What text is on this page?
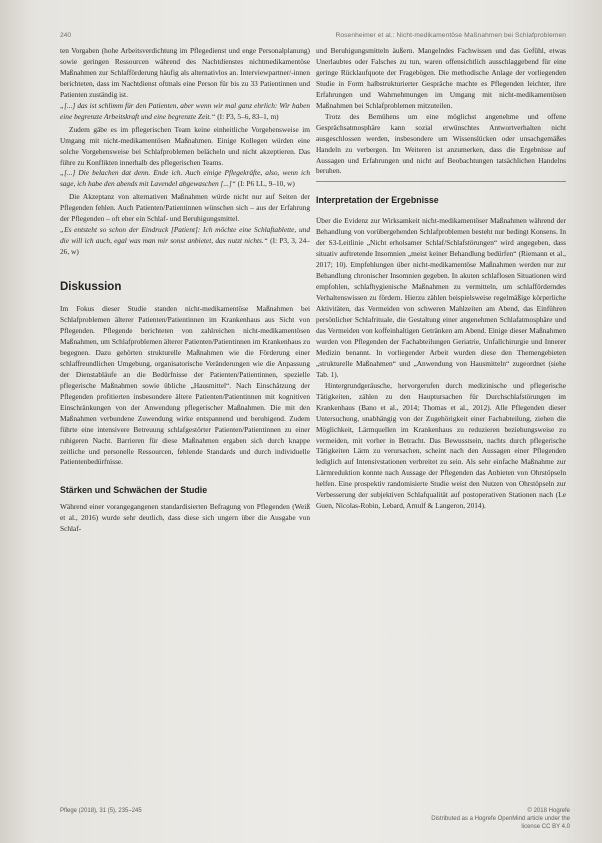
240	Rosenheimer et al.: Nicht-medikamentöse Maßnahmen bei Schlafproblemen

ten Vorgaben (hohe Arbeitsverdichtung im Pflegedienst und enge Personalplanung) sowie geringen Ressourcen während des Nachtdienstes nichtmedikamentöse Maßnahmen zur Schlafförderung häufig als alternativlos an. Interviewpartner/-innen berichteten, dass im Nachtdienst oftmals eine Person für bis zu 33 Patientinnen und Patienten zuständig ist.

„[...] das ist schlimm für den Patienten, aber wenn wir mal ganz ehrlich: Wir haben eine begrenzte Arbeitskraft und eine begrenzte Zeit.“ (I: P3, 5–6, 83–1, m)

Zudem gäbe es im pflegerischen Team keine einheitliche Vorgehensweise im Umgang mit nicht-medikamentösen Maßnahmen. Einige Kollegen würden eine solche Vorgehensweise bei Schlafproblemen belächeln und nicht akzeptieren. Das führe zu Konflikten innerhalb des pflegerischen Teams.

„[...] Die belachen dat denn. Ende ich. Auch einige Pflegekräfte, also, wenn ich sage, ich habe den abends mit Lavendel abgewaschen [...]“ (I: P6 LL, 9–10, w)

Die Akzeptanz von alternativen Maßnahmen würde nicht nur auf Seiten der Pflegenden fehlen. Auch Patienten/Patientinnen wünschen sich – aus der Erfahrung der Pflegenden – oft eher ein Schlaf- und Beruhigungsmittel.

„Es entsteht so schon der Eindruck [Patient]: Ich möchte eine Schlaftablette, und die will ich auch, egal was man mir sonst anbietet, das nutzt nichts.“ (I: P3, 3, 24–26, w)

Diskussion

Im Fokus dieser Studie standen nicht-medikamentöse Maßnahmen bei Schlafproblemen älterer Patienten/Patientinnen im Krankenhaus aus Sicht von Pflegenden. Pflegende berichteten von zahlreichen nicht-medikamentösen Maßnahmen, um Schlafproblemen älterer Patienten/Patientinnen im Krankenhaus zu begegnen. Dazu gehörten strukturelle Maßnahmen wie die Förderung einer schlaffreundlichen Umgebung, organisatorische Veränderungen wie die Anpassung der Dienstabläufe an die Bedürfnisse der Patienten/Patientinnen, spezielle pflegerische Maßnahmen sowie übliche „Hausmittel“. Nach Einschätzung der Pflegenden profitierten insbesondere ältere Patienten/Patientinnen mit kognitiven Einschränkungen von der Anwendung pflegerischer Maßnahmen. Die mit den Maßnahmen verbundene Zuwendung wirke entspannend und beruhigend. Zudem führte eine intensivere Betreuung schlafgestörter Patienten/Patientinnen zu einer ruhigeren Nacht. Barrieren für diese Maßnahmen ergaben sich durch knappe zeitliche und personelle Ressourcen, fehlende Standards und durch individuelle Patientenbedürfnisse.

Stärken und Schwächen der Studie

Während einer vorangegangenen standardisierten Befragung von Pflegenden (Weiß et al., 2016) wurde sehr deutlich, dass diese sich ungern über die Ausgabe von Schlaf-

und Beruhigungsmitteln äußern. Mangelndes Fachwissen und das Gefühl, etwas Unerlaubtes oder Falsches zu tun, waren offensichtlich ausschlaggebend für eine geringe Rücklaufquote der Fragebögen. Die methodische Anlage der vorliegenden Studie in Form halbstrukturierter Gespräche machte es Pflegenden leichter, ihre Erfahrungen und Wahrnehmungen im Umgang mit nicht-medikamentösen Maßnahmen bei Schlafproblemen mitzuteilen.

Trotz des Bemühens um eine möglichst angenehme und offene Gesprächsatmosphäre kann sozial erwünschtes Antwortverhalten nicht ausgeschlossen werden, insbesondere um Wissenslücken oder unsachgemäßes Handeln zu verbergen. Im Weiteren ist anzumerken, dass die Ergebnisse auf Aussagen und Erfahrungen und nicht auf Beobachtungen tatsächlichen Handelns beruhen.

Interpretation der Ergebnisse

Über die Evidenz zur Wirksamkeit nicht-medikamentöser Maßnahmen während der Behandlung von vorübergehenden Schlafproblemen besteht nur bedingt Konsens. In der S3-Leitlinie „Nicht erholsamer Schlaf/Schlafstörungen“ wird angegeben, dass situativ auftretende Insomnien „meist keiner Behandlung bedürfen“ (Riemann et al., 2017; 10). Empfehlungen über nicht-medikamentöse Maßnahmen werden nur zur Behandlung chronischer Insomnien gegeben. In akuten schlaflosen Situationen wird empfohlen, schlafhygienische Maßnahmen zu vermitteln, um schlafförderndes Verhaltenswissen zu fördern. Hierzu zählen beispielsweise regelmäßige körperliche Aktivitäten, das Vermeiden von schweren Mahlzeiten am Abend, das Einführen persönlicher Schlafrituale, die Gestaltung einer angenehmen Schlafatmosphäre und das Vermeiden von koffeinhaltigen Getränken am Abend. Einige dieser Maßnahmen wurden von Pflegenden der Fachabteilungen Geriatrie, Unfallchirurgie und Innerer Medizin benannt. In vorliegender Arbeit wurden diese den Themengebieten „strukturelle Maßnahmen“ und „Anwendung von Hausmitteln“ zugeordnet (siehe Tab. 1).

Hintergrundgeräusche, hervorgerufen durch medizinische und pflegerische Tätigkeiten, zählen zu den Hauptursachen für Durchschlafstörungen im Krankenhaus (Bano et al., 2014; Thomas et al., 2012). Alle Pflegenden dieser Untersuchung, unabhängig von der Zugehörigkeit einer Fachabteilung, ziehen die Möglichkeit, Lärmquellen im Krankenhaus zu reduzieren beziehungsweise zu vermeiden, mit vorher in Betracht. Das Bewusstsein, nachts durch pflegerische Tätigkeiten Lärm zu verursachen, scheint nach den Aussagen einer Pflegenden lediglich auf Intensivstationen verbreitet zu sein. Als sehr einfache Maßnahme zur Lärmreduktion konnte nach Aussage der Pflegenden das Anbieten von Ohrstöpseln helfen. Eine prospektiv randomisierte Studie weist den Nutzen von Ohrstöpseln zur Verbesserung der subjektiven Schlafqualität auf postoperativen Stationen nach (Le Guen, Nicolas-Robin, Lebard, Arnulf & Langeron, 2014).

Pflege (2018), 31 (5), 235–245	© 2018 Hogrefe
Distributed as a Hogrefe OpenMind article under the license CC BY 4.0
